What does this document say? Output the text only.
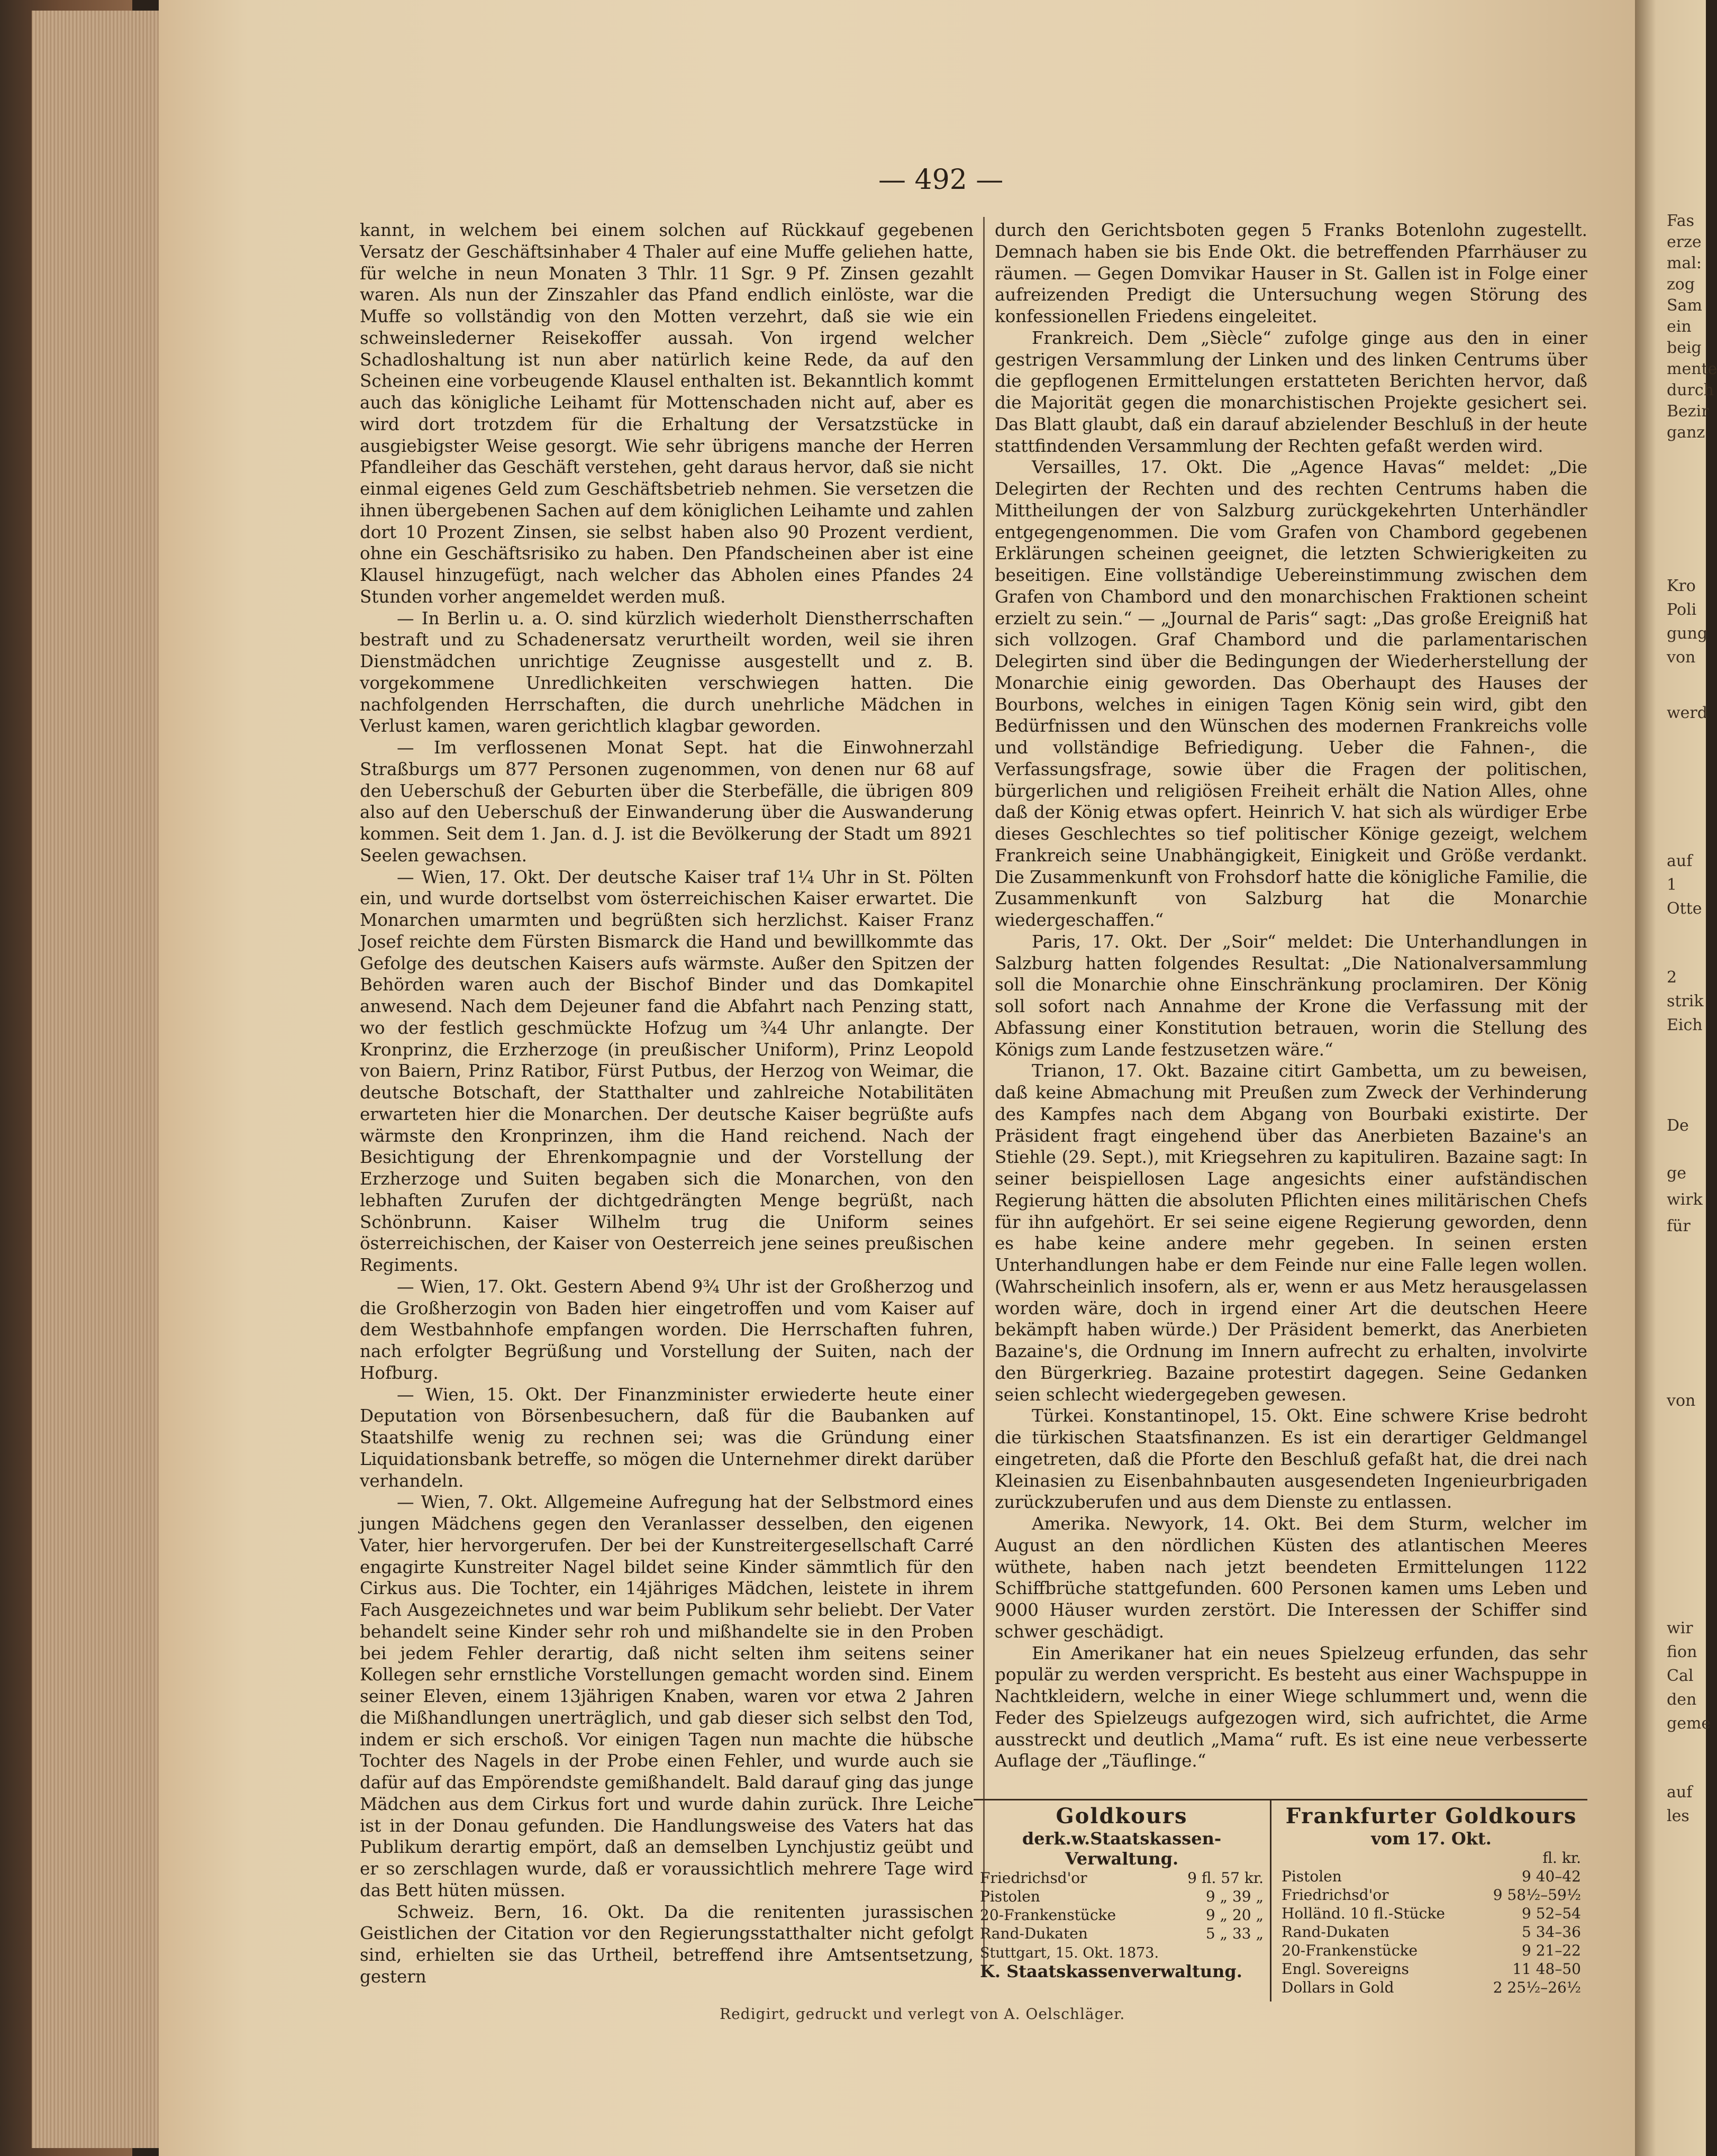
Fas
erze
mal:
zog
Sam
ein
beig
mente
durch
Bezir
ganz
Kro
Poli
gung
von
werd
auf
1
Otte
2
strik
Eich
De
ge
wirk
für
von
wir
fion
Cal
den
geme
auf
les
— 492 —

kannt, in welchem bei einem solchen auf Rückkauf gegebenen Versatz der Geschäftsinhaber 4 Thaler auf eine Muffe geliehen hatte, für welche in neun Monaten 3 Thlr. 11 Sgr. 9 Pf. Zinsen gezahlt waren. Als nun der Zinszahler das Pfand endlich einlöste, war die Muffe so vollständig von den Motten verzehrt, daß sie wie ein schweinslederner Reisekoffer aussah. Von irgend welcher Schadloshaltung ist nun aber natürlich keine Rede, da auf den Scheinen eine vorbeugende Klausel enthalten ist. Bekanntlich kommt auch das königliche Leihamt für Mottenschaden nicht auf, aber es wird dort trotzdem für die Erhaltung der Versatzstücke in ausgiebigster Weise gesorgt. Wie sehr übrigens manche der Herren Pfandleiher das Geschäft verstehen, geht daraus hervor, daß sie nicht einmal eigenes Geld zum Geschäftsbetrieb nehmen. Sie versetzen die ihnen übergebenen Sachen auf dem königlichen Leihamte und zahlen dort 10 Prozent Zinsen, sie selbst haben also 90 Prozent verdient, ohne ein Geschäftsrisiko zu haben. Den Pfandscheinen aber ist eine Klausel hinzugefügt, nach welcher das Abholen eines Pfandes 24 Stunden vorher angemeldet werden muß.

— In Berlin u. a. O. sind kürzlich wiederholt Dienstherrschaften bestraft und zu Schadenersatz verurtheilt worden, weil sie ihren Dienstmädchen unrichtige Zeugnisse ausgestellt und z. B. vorgekommene Unredlichkeiten verschwiegen hatten. Die nachfolgenden Herrschaften, die durch unehrliche Mädchen in Verlust kamen, waren gerichtlich klagbar geworden.

— Im verflossenen Monat Sept. hat die Einwohnerzahl Straßburgs um 877 Personen zugenommen, von denen nur 68 auf den Ueberschuß der Geburten über die Sterbefälle, die übrigen 809 also auf den Ueberschuß der Einwanderung über die Auswanderung kommen. Seit dem 1. Jan. d. J. ist die Bevölkerung der Stadt um 8921 Seelen gewachsen.

— Wien, 17. Okt. Der deutsche Kaiser traf 1¼ Uhr in St. Pölten ein, und wurde dortselbst vom österreichischen Kaiser erwartet. Die Monarchen umarmten und begrüßten sich herzlichst. Kaiser Franz Josef reichte dem Fürsten Bismarck die Hand und bewillkommte das Gefolge des deutschen Kaisers aufs wärmste. Außer den Spitzen der Behörden waren auch der Bischof Binder und das Domkapitel anwesend. Nach dem Dejeuner fand die Abfahrt nach Penzing statt, wo der festlich geschmückte Hofzug um ¾4 Uhr anlangte. Der Kronprinz, die Erzherzoge (in preußischer Uniform), Prinz Leopold von Baiern, Prinz Ratibor, Fürst Putbus, der Herzog von Weimar, die deutsche Botschaft, der Statthalter und zahlreiche Notabilitäten erwarteten hier die Monarchen. Der deutsche Kaiser begrüßte aufs wärmste den Kronprinzen, ihm die Hand reichend. Nach der Besichtigung der Ehrenkompagnie und der Vorstellung der Erzherzoge und Suiten begaben sich die Monarchen, von den lebhaften Zurufen der dichtgedrängten Menge begrüßt, nach Schönbrunn. Kaiser Wilhelm trug die Uniform seines österreichischen, der Kaiser von Oesterreich jene seines preußischen Regiments.

— Wien, 17. Okt. Gestern Abend 9¾ Uhr ist der Großherzog und die Großherzogin von Baden hier eingetroffen und vom Kaiser auf dem Westbahnhofe empfangen worden. Die Herrschaften fuhren, nach erfolgter Begrüßung und Vorstellung der Suiten, nach der Hofburg.

— Wien, 15. Okt. Der Finanzminister erwiederte heute einer Deputation von Börsenbesuchern, daß für die Baubanken auf Staatshilfe wenig zu rechnen sei; was die Gründung einer Liquidationsbank betreffe, so mögen die Unternehmer direkt darüber verhandeln.

— Wien, 7. Okt. Allgemeine Aufregung hat der Selbstmord eines jungen Mädchens gegen den Veranlasser desselben, den eigenen Vater, hier hervorgerufen. Der bei der Kunstreitergesellschaft Carré engagirte Kunstreiter Nagel bildet seine Kinder sämmtlich für den Cirkus aus. Die Tochter, ein 14jähriges Mädchen, leistete in ihrem Fach Ausgezeichnetes und war beim Publikum sehr beliebt. Der Vater behandelt seine Kinder sehr roh und mißhandelte sie in den Proben bei jedem Fehler derartig, daß nicht selten ihm seitens seiner Kollegen sehr ernstliche Vorstellungen gemacht worden sind. Einem seiner Eleven, einem 13jährigen Knaben, waren vor etwa 2 Jahren die Mißhandlungen unerträglich, und gab dieser sich selbst den Tod, indem er sich erschoß. Vor einigen Tagen nun machte die hübsche Tochter des Nagels in der Probe einen Fehler, und wurde auch sie dafür auf das Empörendste gemißhandelt. Bald darauf ging das junge Mädchen aus dem Cirkus fort und wurde dahin zurück. Ihre Leiche ist in der Donau gefunden. Die Handlungsweise des Vaters hat das Publikum derartig empört, daß an demselben Lynchjustiz geübt und er so zerschlagen wurde, daß er voraussichtlich mehrere Tage wird das Bett hüten müssen.

Schweiz. Bern, 16. Okt. Da die renitenten jurassischen Geistlichen der Citation vor den Regierungsstatthalter nicht gefolgt sind, erhielten sie das Urtheil, betreffend ihre Amtsentsetzung, gestern

durch den Gerichtsboten gegen 5 Franks Botenlohn zugestellt. Demnach haben sie bis Ende Okt. die betreffenden Pfarrhäuser zu räumen. — Gegen Domvikar Hauser in St. Gallen ist in Folge einer aufreizenden Predigt die Untersuchung wegen Störung des konfessionellen Friedens eingeleitet.

Frankreich. Dem „Siècle“ zufolge ginge aus den in einer gestrigen Versammlung der Linken und des linken Centrums über die gepflogenen Ermittelungen erstatteten Berichten hervor, daß die Majorität gegen die monarchistischen Projekte gesichert sei. Das Blatt glaubt, daß ein darauf abzielender Beschluß in der heute stattfindenden Versammlung der Rechten gefaßt werden wird.

Versailles, 17. Okt. Die „Agence Havas“ meldet: „Die Delegirten der Rechten und des rechten Centrums haben die Mittheilungen der von Salzburg zurückgekehrten Unterhändler entgegengenommen. Die vom Grafen von Chambord gegebenen Erklärungen scheinen geeignet, die letzten Schwierigkeiten zu beseitigen. Eine vollständige Uebereinstimmung zwischen dem Grafen von Chambord und den monarchischen Fraktionen scheint erzielt zu sein.“ — „Journal de Paris“ sagt: „Das große Ereigniß hat sich vollzogen. Graf Chambord und die parlamentarischen Delegirten sind über die Bedingungen der Wiederherstellung der Monarchie einig geworden. Das Oberhaupt des Hauses der Bourbons, welches in einigen Tagen König sein wird, gibt den Bedürfnissen und den Wünschen des modernen Frankreichs volle und vollständige Befriedigung. Ueber die Fahnen-, die Verfassungsfrage, sowie über die Fragen der politischen, bürgerlichen und religiösen Freiheit erhält die Nation Alles, ohne daß der König etwas opfert. Heinrich V. hat sich als würdiger Erbe dieses Geschlechtes so tief politischer Könige gezeigt, welchem Frankreich seine Unabhängigkeit, Einigkeit und Größe verdankt. Die Zusammenkunft von Frohsdorf hatte die königliche Familie, die Zusammenkunft von Salzburg hat die Monarchie wiedergeschaffen.“

Paris, 17. Okt. Der „Soir“ meldet: Die Unterhandlungen in Salzburg hatten folgendes Resultat: „Die Nationalversammlung soll die Monarchie ohne Einschränkung proclamiren. Der König soll sofort nach Annahme der Krone die Verfassung mit der Abfassung einer Konstitution betrauen, worin die Stellung des Königs zum Lande festzusetzen wäre.“

Trianon, 17. Okt. Bazaine citirt Gambetta, um zu beweisen, daß keine Abmachung mit Preußen zum Zweck der Verhinderung des Kampfes nach dem Abgang von Bourbaki existirte. Der Präsident fragt eingehend über das Anerbieten Bazaine's an Stiehle (29. Sept.), mit Kriegsehren zu kapituliren. Bazaine sagt: In seiner beispiellosen Lage angesichts einer aufständischen Regierung hätten die absoluten Pflichten eines militärischen Chefs für ihn aufgehört. Er sei seine eigene Regierung geworden, denn es habe keine andere mehr gegeben. In seinen ersten Unterhandlungen habe er dem Feinde nur eine Falle legen wollen. (Wahrscheinlich insofern, als er, wenn er aus Metz herausgelassen worden wäre, doch in irgend einer Art die deutschen Heere bekämpft haben würde.) Der Präsident bemerkt, das Anerbieten Bazaine's, die Ordnung im Innern aufrecht zu erhalten, involvirte den Bürgerkrieg. Bazaine protestirt dagegen. Seine Gedanken seien schlecht wiedergegeben gewesen.

Türkei. Konstantinopel, 15. Okt. Eine schwere Krise bedroht die türkischen Staatsfinanzen. Es ist ein derartiger Geldmangel eingetreten, daß die Pforte den Beschluß gefaßt hat, die drei nach Kleinasien zu Eisenbahnbauten ausgesendeten Ingenieurbrigaden zurückzuberufen und aus dem Dienste zu entlassen.

Amerika. Newyork, 14. Okt. Bei dem Sturm, welcher im August an den nördlichen Küsten des atlantischen Meeres wüthete, haben nach jetzt beendeten Ermittelungen 1122 Schiffbrüche stattgefunden. 600 Personen kamen ums Leben und 9000 Häuser wurden zerstört. Die Interessen der Schiffer sind schwer geschädigt.

Ein Amerikaner hat ein neues Spielzeug erfunden, das sehr populär zu werden verspricht. Es besteht aus einer Wachspuppe in Nachtkleidern, welche in einer Wiege schlummert und, wenn die Feder des Spielzeugs aufgezogen wird, sich aufrichtet, die Arme ausstreckt und deutlich „Mama“ ruft. Es ist eine neue verbesserte Auflage der „Täuflinge.“

Goldkours

derk.w.Staatskassen-Verwaltung.

Friedrichsd'or	9 fl. 57 kr.
Pistolen	9 „ 39 „
20-Frankenstücke	9 „ 20 „
Rand-Dukaten	5 „ 33 „
Stuttgart, 15. Okt. 1873.
K. Staatskassenverwaltung.
Frankfurter Goldkours

vom 17. Okt.

fl. kr.
Pistolen	9 40–42
Friedrichsd'or	9 58½–59½
Holländ. 10 fl.-Stücke	9 52–54
Rand-Dukaten	5 34–36
20-Frankenstücke	9 21–22
Engl. Sovereigns	11 48–50
Dollars in Gold	2 25½–26½
Redigirt, gedruckt und verlegt von A. Oelschläger.
